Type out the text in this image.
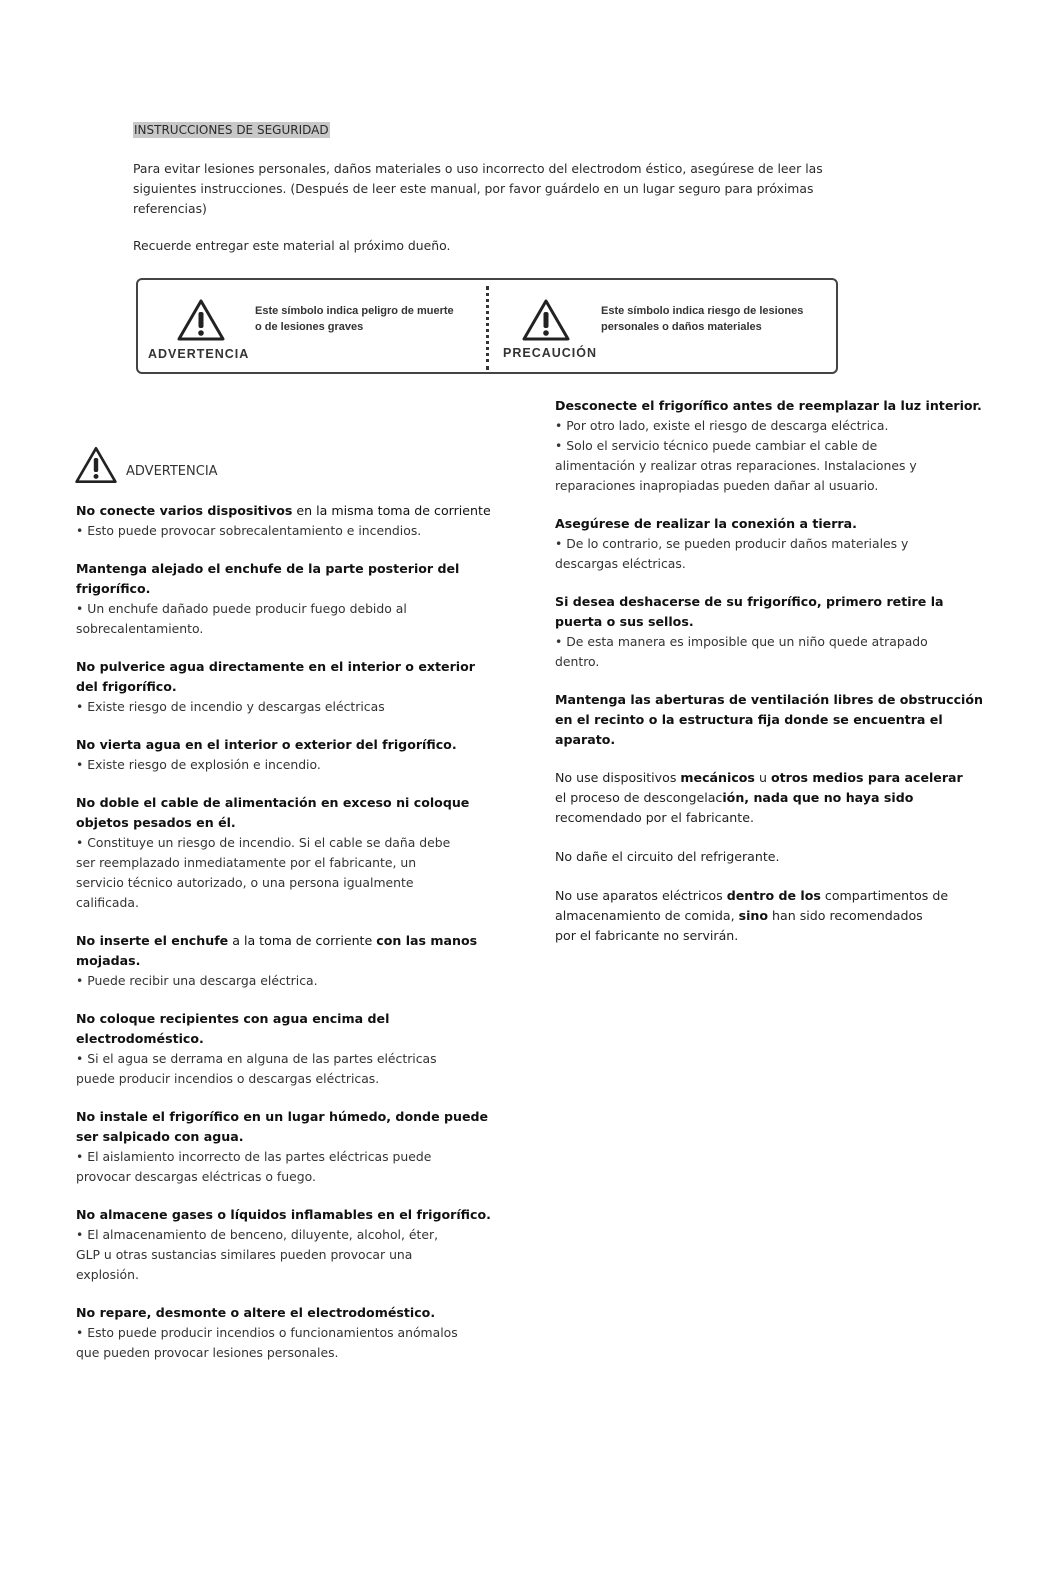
INSTRUCCIONES DE SEGURIDAD
Para evitar lesiones personales, daños materiales o uso incorrecto del electrodom éstico, asegúrese de leer las
siguientes instrucciones. (Después de leer este manual, por favor guárdelo en un lugar seguro para próximas
referencias)
Recuerde entregar este material al próximo dueño.
ADVERTENCIA
Este símbolo indica peligro de muerte
o de lesiones graves
PRECAUCIÓN
Este símbolo indica riesgo de lesiones
personales o daños materiales
ADVERTENCIA
No conecte varios dispositivos en la misma toma de corriente
• Esto puede provocar sobrecalentamiento e incendios.
Mantenga alejado el enchufe de la parte posterior del
frigorífico.
• Un enchufe dañado puede producir fuego debido al
sobrecalentamiento.
No pulverice agua directamente en el interior o exterior
del frigorífico.
• Existe riesgo de incendio y descargas eléctricas
No vierta agua en el interior o exterior del frigorífico.
• Existe riesgo de explosión e incendio.
No doble el cable de alimentación en exceso ni coloque
objetos pesados en él.
• Constituye un riesgo de incendio. Si el cable se daña debe
ser reemplazado inmediatamente por el fabricante, un
servicio técnico autorizado, o una persona igualmente
calificada.
No inserte el enchufe a la toma de corriente con las manos
mojadas.
• Puede recibir una descarga eléctrica.
No coloque recipientes con agua encima del
electrodoméstico.
• Si el agua se derrama en alguna de las partes eléctricas
puede producir incendios o descargas eléctricas.
No instale el frigorífico en un lugar húmedo, donde puede
ser salpicado con agua.
• El aislamiento incorrecto de las partes eléctricas puede
provocar descargas eléctricas o fuego.
No almacene gases o líquidos inflamables en el frigorífico.
• El almacenamiento de benceno, diluyente, alcohol, éter,
GLP u otras sustancias similares pueden provocar una
explosión.
No repare, desmonte o altere el electrodoméstico.
• Esto puede producir incendios o funcionamientos anómalos
que pueden provocar lesiones personales.
Desconecte el frigorífico antes de reemplazar la luz interior.
• Por otro lado, existe el riesgo de descarga eléctrica.
• Solo el servicio técnico puede cambiar el cable de
alimentación y realizar otras reparaciones. Instalaciones y
reparaciones inapropiadas pueden dañar al usuario.
Asegúrese de realizar la conexión a tierra.
• De lo contrario, se pueden producir daños materiales y
descargas eléctricas.
Si desea deshacerse de su frigorífico, primero retire la
puerta o sus sellos.
• De esta manera es imposible que un niño quede atrapado
dentro.
Mantenga las aberturas de ventilación libres de obstrucción
en el recinto o la estructura fija donde se encuentra el
aparato.
No use dispositivos mecánicos u otros medios para acelerar
el proceso de descongelación, nada que no haya sido
recomendado por el fabricante.
No dañe el circuito del refrigerante.
No use aparatos eléctricos dentro de los compartimentos de
almacenamiento de comida, sino han sido recomendados
por el fabricante no servirán.
